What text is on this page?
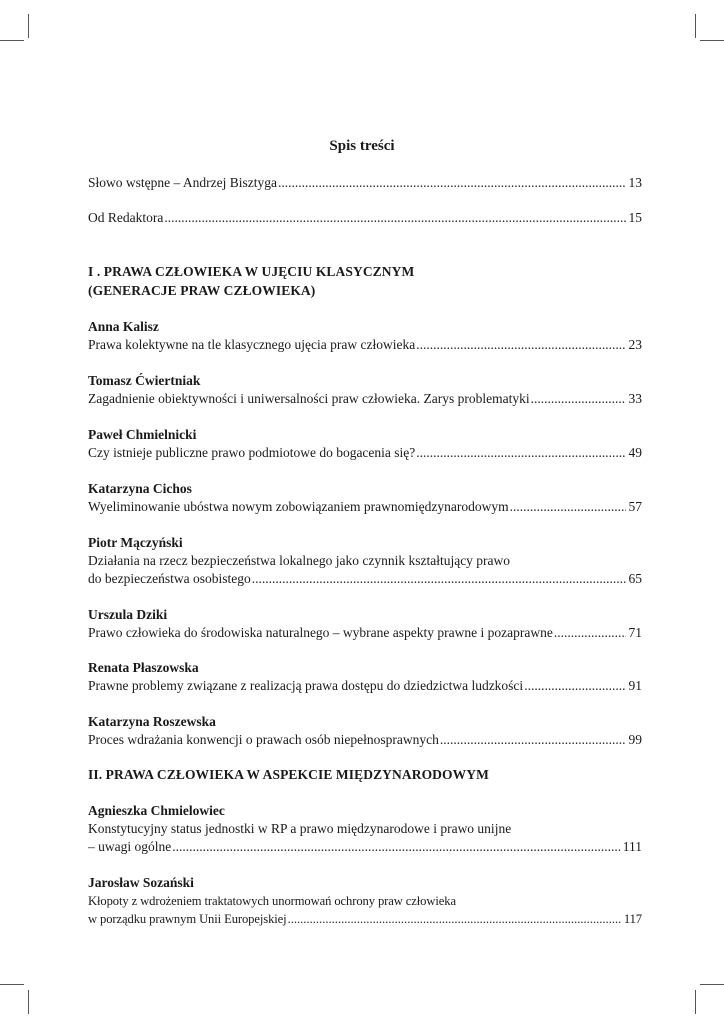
Spis treści
Słowo wstępne – Andrzej Bisztyga .....	13
Od Redaktora .....	15
I . PRAWA CZŁOWIEKA W UJĘCIU KLASYCZNYM
(GENERACJE PRAW CZŁOWIEKA)
Anna Kalisz
Prawa kolektywne na tle klasycznego ujęcia praw człowieka .....	23
Tomasz Ćwiertniak
Zagadnienie obiektywności i uniwersalności praw człowieka. Zarys problematyki .....	33
Paweł Chmielnicki
Czy istnieje publiczne prawo podmiotowe do bogacenia się? .....	49
Katarzyna Cichos
Wyeliminowanie ubóstwa nowym zobowiązaniem prawnomiędzynarodowym .....	57
Piotr Mączyński
Działania na rzecz bezpieczeństwa lokalnego jako czynnik kształtujący prawo
do bezpieczeństwa osobistego .....	65
Urszula Dziki
Prawo człowieka do środowiska naturalnego – wybrane aspekty prawne i pozaprawne .....	71
Renata Płaszowska
Prawne problemy związane z realizacją prawa dostępu do dziedzictwa ludzkości .....	91
Katarzyna Roszewska
Proces wdrażania konwencji o prawach osób niepełnosprawnych .....	99
II. PRAWA CZŁOWIEKA W ASPEKCIE MIĘDZYNARODOWYM
Agnieszka Chmielowiec
Konstytucyjny status jednostki w RP a prawo międzynarodowe i prawo unijne
– uwagi ogólne .....	111
Jarosław Sozański
Kłopoty z wdrożeniem traktatowych unormowań ochrony praw człowieka
w porządku prawnym Unii Europejskiej .....	117
